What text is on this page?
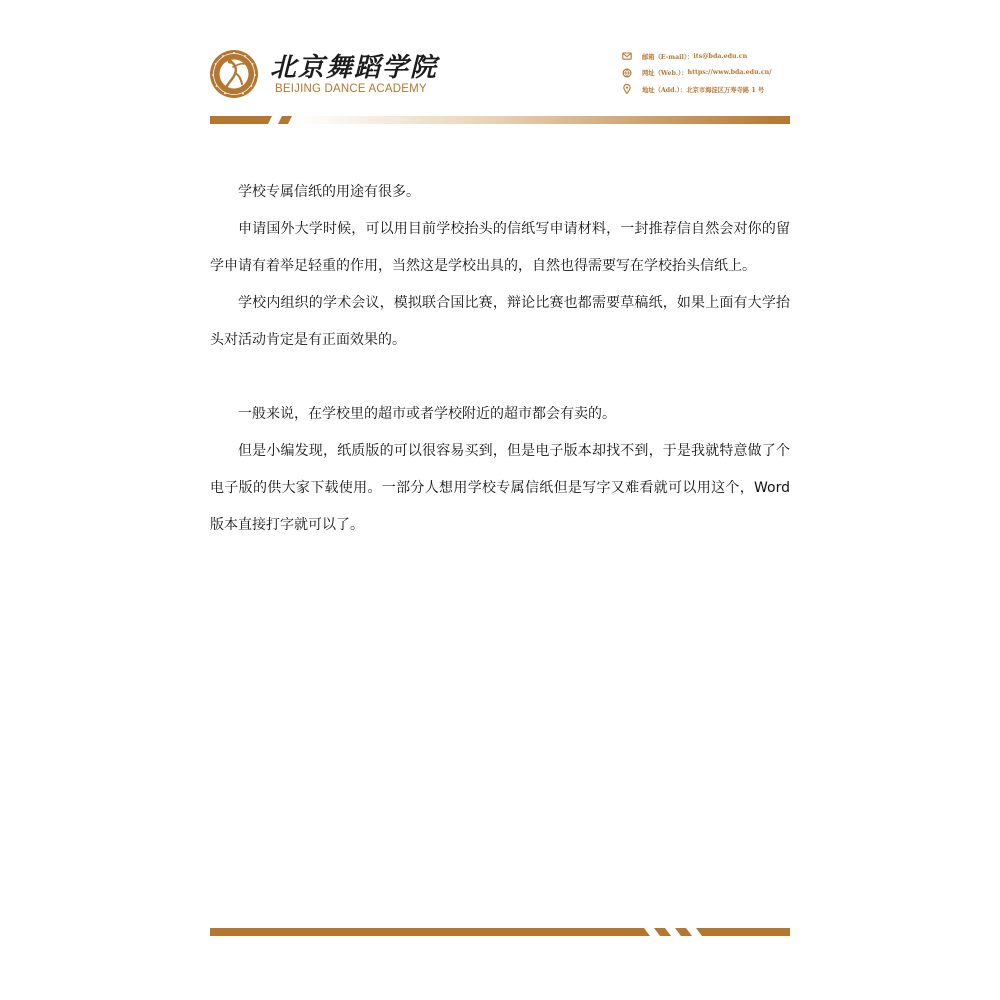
北京舞蹈学院
BEIJING DANCE ACADEMY
邮箱（E-mail）： its@bda.edu.cn
网址（Web.）： https://www.bda.edu.cn/
地址（Add.）： 北京市海淀区万寿寺路 1 号

学校专属信纸的用途有很多。

申请国外大学时候，可以用目前学校抬头的信纸写申请材料，一封推荐信自然会对你的留学申请有着举足轻重的作用，当然这是学校出具的，自然也得需要写在学校抬头信纸上。

学校内组织的学术会议，模拟联合国比赛，辩论比赛也都需要草稿纸，如果上面有大学抬头对活动肯定是有正面效果的。

一般来说，在学校里的超市或者学校附近的超市都会有卖的。

但是小编发现，纸质版的可以很容易买到，但是电子版本却找不到，于是我就特意做了个电子版的供大家下载使用。一部分人想用学校专属信纸但是写字又难看就可以用这个，Word 版本直接打字就可以了。
